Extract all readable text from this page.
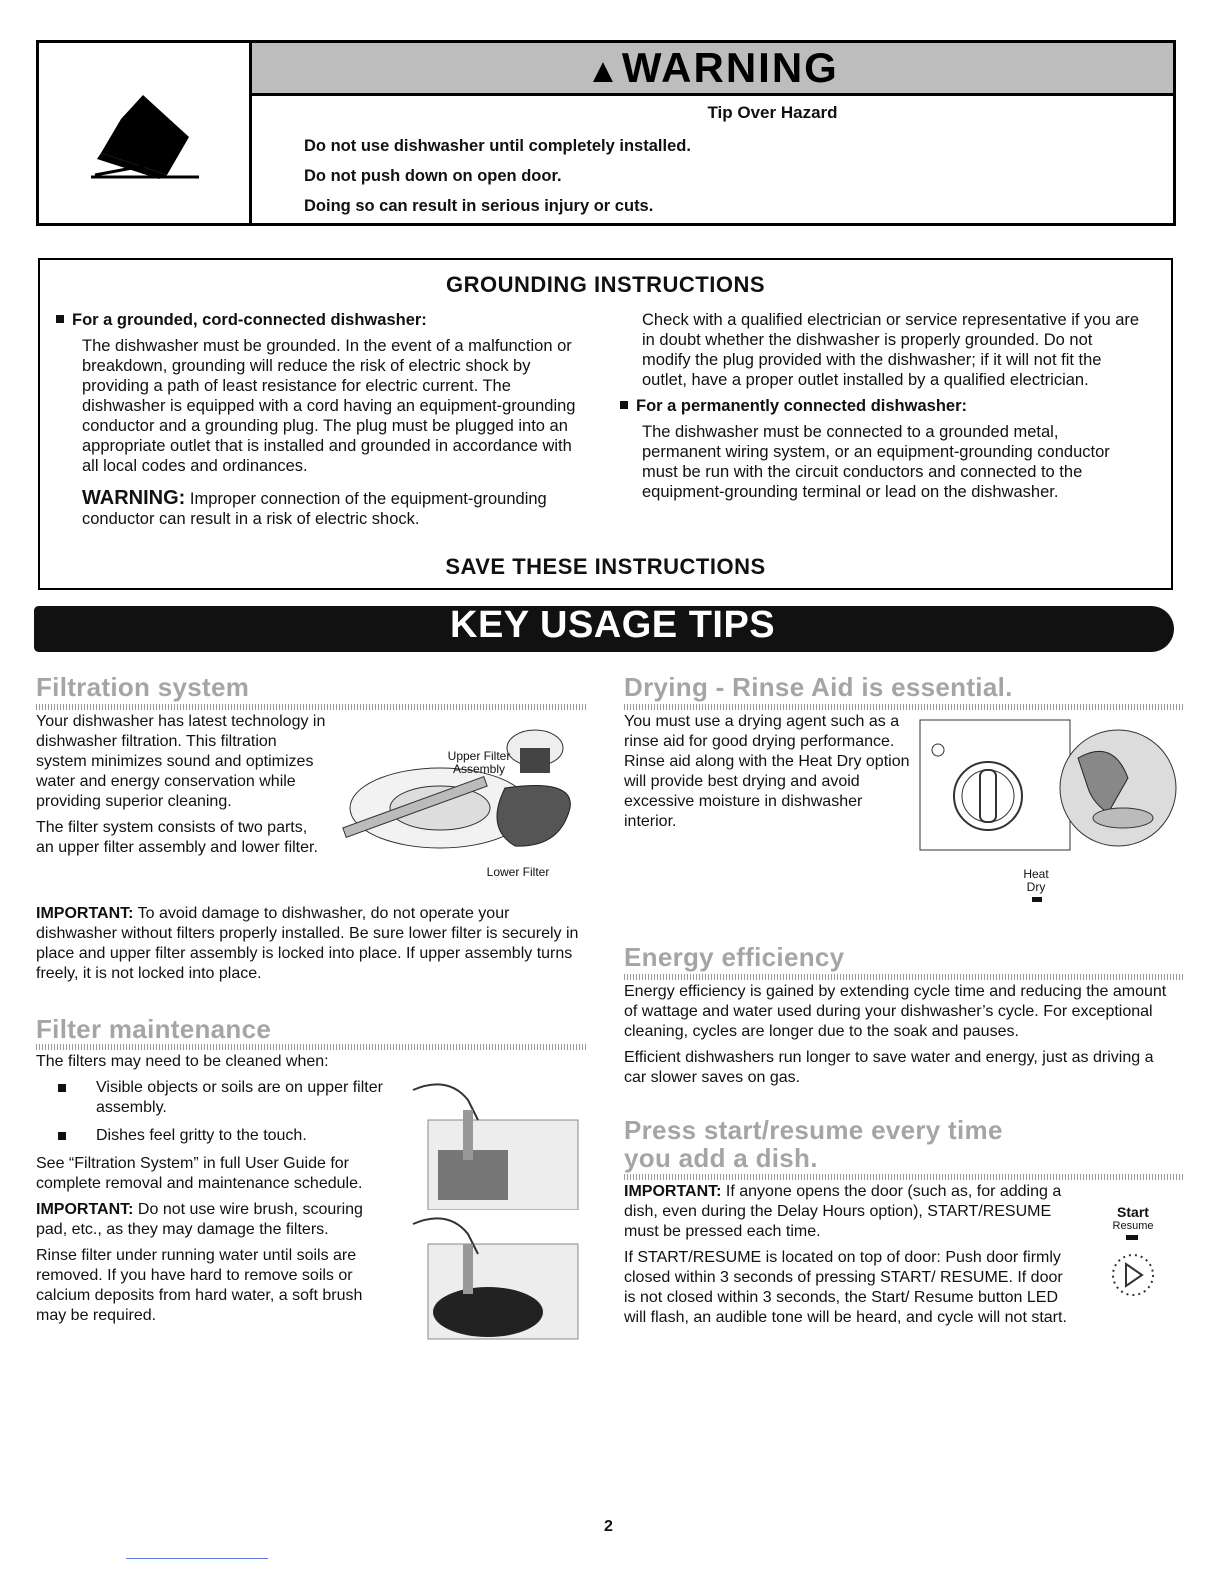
▲WARNING
Tip Over Hazard
Do not use dishwasher until completely installed.
Do not push down on open door.
Doing so can result in serious injury or cuts.
GROUNDING INSTRUCTIONS

For a grounded, cord-connected dishwasher:

The dishwasher must be grounded. In the event of a malfunction or breakdown, grounding will reduce the risk of electric shock by providing a path of least resistance for electric current. The dishwasher is equipped with a cord having an equipment-grounding conductor and a grounding plug. The plug must be plugged into an appropriate outlet that is installed and grounded in accordance with all local codes and ordinances.

WARNING: Improper connection of the equipment-grounding conductor can result in a risk of electric shock.

Check with a qualified electrician or service representative if you are in doubt whether the dishwasher is properly grounded. Do not modify the plug provided with the dishwasher; if it will not fit the outlet, have a proper outlet installed by a qualified electrician.

For a permanently connected dishwasher:

The dishwasher must be connected to a grounded metal, permanent wiring system, or an equipment-grounding conductor must be run with the circuit conductors and connected to the equipment-grounding terminal or lead on the dishwasher.

SAVE THESE INSTRUCTIONS
KEY USAGE TIPS
Filtration system

Your dishwasher has latest technology in dishwasher filtration. This filtration system minimizes sound and optimizes water and energy conservation while providing superior cleaning.

The filter system consists of two parts, an upper filter assembly and lower filter.

IMPORTANT: To avoid damage to dishwasher, do not operate your dishwasher without filters properly installed. Be sure lower filter is securely in place and upper filter assembly is locked into place. If upper assembly turns freely, it is not locked into place.

Upper Filter Assembly
Lower Filter
Filter maintenance

The filters may need to be cleaned when:

Visible objects or soils are on upper filter assembly.
Dishes feel gritty to the touch.

See “Filtration System” in full User Guide for complete removal and maintenance schedule.

IMPORTANT: Do not use wire brush, scouring pad, etc., as they may damage the filters.

Rinse filter under running water until soils are removed. If you have hard to remove soils or calcium deposits from hard water, a soft brush may be required.

Drying - Rinse Aid is essential.
You must use a drying agent such as a rinse aid for good drying performance. Rinse aid along with the Heat Dry option will provide best drying and avoid excessive moisture in dishwasher interior.
Heat Dry
Energy efficiency

Energy efficiency is gained by extending cycle time and reducing the amount of wattage and water used during your dishwasher’s cycle. For exceptional cleaning, cycles are longer due to the soak and pauses.

Efficient dishwashers run longer to save water and energy, just as driving a car slower saves on gas.

Press start/resume every time
you add a dish.

IMPORTANT: If anyone opens the door (such as, for adding a dish, even during the Delay Hours option), START/RESUME must be pressed each time.

If START/RESUME is located on top of door: Push door firmly closed within 3 seconds of pressing START/ RESUME. If door is not closed within 3 seconds, the Start/ Resume button LED will flash, an audible tone will be heard, and cycle will not start.

Start
Resume
2
